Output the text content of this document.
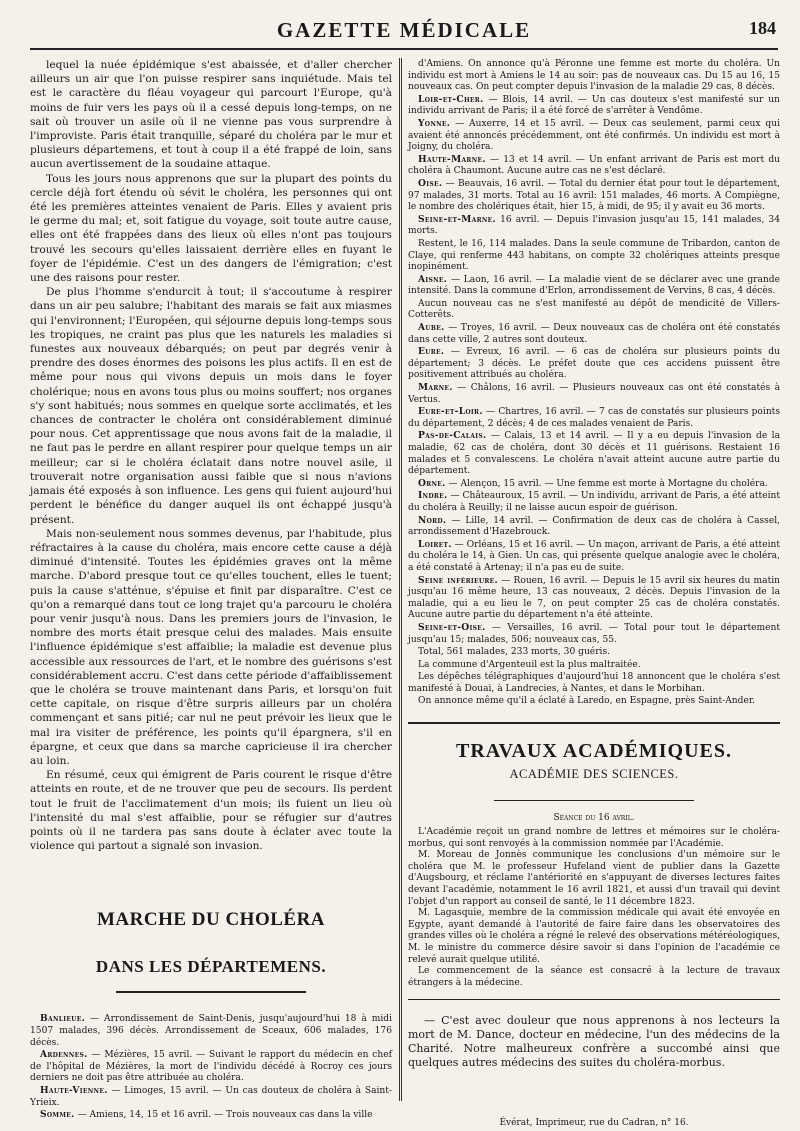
GAZETTE MÉDICALE	184

lequel la nuée épidémique s'est abaissée, et d'aller chercher ailleurs un air que l'on puisse respirer sans inquiétude. Mais tel est le caractère du fléau voyageur qui parcourt l'Europe, qu'à moins de fuir vers les pays où il a cessé depuis long-temps, on ne sait où trouver un asile où il ne vienne pas vous surprendre à l'improviste. Paris était tranquille, séparé du choléra par le mur et plusieurs départemens, et tout à coup il a été frappé de loin, sans aucun avertissement de la soudaine attaque.

Tous les jours nous apprenons que sur la plupart des points du cercle déjà fort étendu où sévit le choléra, les personnes qui ont été les premières atteintes venaient de Paris. Elles y avaient pris le germe du mal; et, soit fatigue du voyage, soit toute autre cause, elles ont été frappées dans des lieux où elles n'ont pas toujours trouvé les secours qu'elles laissaient derrière elles en fuyant le foyer de l'épidémie. C'est un des dangers de l'émigration; c'est une des raisons pour rester.

De plus l'homme s'endurcit à tout; il s'accoutume à respirer dans un air peu salubre; l'habitant des marais se fait aux miasmes qui l'environnent; l'Européen, qui séjourne depuis long-temps sous les tropiques, ne craint pas plus que les naturels les maladies si funestes aux nouveaux débarqués; on peut par degrés venir à prendre des doses énormes des poisons les plus actifs. Il en est de même pour nous qui vivons depuis un mois dans le foyer cholérique; nous en avons tous plus ou moins souffert; nos organes s'y sont habitués; nous sommes en quelque sorte acclimatés, et les chances de contracter le choléra ont considérablement diminué pour nous. Cet apprentissage que nous avons fait de la maladie, il ne faut pas le perdre en allant respirer pour quelque temps un air meilleur; car si le choléra éclatait dans notre nouvel asile, il trouverait notre organisation aussi faible que si nous n'avions jamais été exposés à son influence. Les gens qui fuient aujourd'hui perdent le bénéfice du danger auquel ils ont échappé jusqu'à présent.

Mais non-seulement nous sommes devenus, par l'habitude, plus réfractaires à la cause du choléra, mais encore cette cause a déjà diminué d'intensité. Toutes les épidémies graves ont la même marche. D'abord presque tout ce qu'elles touchent, elles le tuent; puis la cause s'atténue, s'épuise et finit par disparaître. C'est ce qu'on a remarqué dans tout ce long trajet qu'a parcouru le choléra pour venir jusqu'à nous. Dans les premiers jours de l'invasion, le nombre des morts était presque celui des malades. Mais ensuite l'influence épidémique s'est affaiblie; la maladie est devenue plus accessible aux ressources de l'art, et le nombre des guérisons s'est considérablement accru. C'est dans cette période d'affaiblissement que le choléra se trouve maintenant dans Paris, et lorsqu'on fuit cette capitale, on risque d'être surpris ailleurs par un choléra commençant et sans pitié; car nul ne peut prévoir les lieux que le mal ira visiter de préférence, les points qu'il épargnera, s'il en épargne, et ceux que dans sa marche capricieuse il ira chercher au loin.

En résumé, ceux qui émigrent de Paris courent le risque d'être atteints en route, et de ne trouver que peu de secours. Ils perdent tout le fruit de l'acclimatement d'un mois; ils fuient un lieu où l'intensité du mal s'est affaiblie, pour se réfugier sur d'autres points où il ne tardera pas sans doute à éclater avec toute la violence qui partout a signalé son invasion.

MARCHE DU CHOLÉRA
DANS LES DÉPARTEMENS.

Banlieue. — Arrondissement de Saint-Denis, jusqu'aujourd'hui 18 à midi 1507 malades, 396 décès. Arrondissement de Sceaux, 606 malades, 176 décès.

Ardennes. — Mézières, 15 avril. — Suivant le rapport du médecin en chef de l'hôpital de Mézières, la mort de l'individu décédé à Rocroy ces jours derniers ne doit pas être attribuée au choléra.

Haute-Vienne. — Limoges, 15 avril. — Un cas douteux de choléra à Saint-Yrieix.

Somme. — Amiens, 14, 15 et 16 avril. — Trois nouveaux cas dans la ville

d'Amiens. On annonce qu'à Péronne une femme est morte du choléra. Un individu est mort à Amiens le 14 au soir: pas de nouveaux cas. Du 15 au 16, 15 nouveaux cas. On peut compter depuis l'invasion de la maladie 29 cas, 8 décès.

Loir-et-Cher. — Blois, 14 avril. — Un cas douteux s'est manifesté sur un individu arrivant de Paris; il a été forcé de s'arrêter à Vendôme.

Yonne. — Auxerre, 14 et 15 avril. — Deux cas seulement, parmi ceux qui avaient été annoncés précédemment, ont été confirmés. Un individu est mort à Joigny, du choléra.

Haute-Marne. — 13 et 14 avril. — Un enfant arrivant de Paris est mort du choléra à Chaumont. Aucune autre cas ne s'est déclaré.

Oise. — Beauvais, 16 avril. — Total du dernier état pour tout le département, 97 malades, 31 morts. Total au 16 avril: 151 malades, 46 morts. A Compiègne, le nombre des cholériques était, hier 15, à midi, de 95; il y avait eu 36 morts.

Seine-et-Marne. 16 avril. — Depuis l'invasion jusqu'au 15, 141 malades, 34 morts.

Restent, le 16, 114 malades. Dans la seule commune de Tribardon, canton de Claye, qui renferme 443 habitans, on compte 32 cholériques atteints presque inopinément.

Aisne. — Laon, 16 avril. — La maladie vient de se déclarer avec une grande intensité. Dans la commune d'Erlon, arrondissement de Vervins, 8 cas, 4 décès.

Aucun nouveau cas ne s'est manifesté au dépôt de mendicité de Villers-Cotterêts.

Aube. — Troyes, 16 avril. — Deux nouveaux cas de choléra ont été constatés dans cette ville, 2 autres sont douteux.

Eure. — Evreux, 16 avril. — 6 cas de choléra sur plusieurs points du département; 3 décès. Le préfet doute que ces accidens puissent être positivement attribués au choléra.

Marne. — Châlons, 16 avril. — Plusieurs nouveaux cas ont été constatés à Vertus.

Eure-et-Loir. — Chartres, 16 avril. — 7 cas de constatés sur plusieurs points du département, 2 décès; 4 de ces malades venaient de Paris.

Pas-de-Calais. — Calais, 13 et 14 avril. — Il y a eu depuis l'invasion de la maladie, 62 cas de choléra, dont 30 décès et 11 guérisons. Restaient 16 malades et 5 convalescens. Le choléra n'avait atteint aucune autre partie du département.

Orne. — Alençon, 15 avril. — Une femme est morte à Mortagne du choléra.

Indre. — Châteauroux, 15 avril. — Un individu, arrivant de Paris, a été atteint du choléra à Reuilly; il ne laisse aucun espoir de guérison.

Nord. — Lille, 14 avril. — Confirmation de deux cas de choléra à Cassel, arrondissement d'Hazebrouck.

Loiret. — Orléans, 15 et 16 avril. — Un maçon, arrivant de Paris, a été atteint du choléra le 14, à Gien. Un cas, qui présente quelque analogie avec le choléra, a été constaté à Artenay; il n'a pas eu de suite.

Seine inférieure. — Rouen, 16 avril. — Depuis le 15 avril six heures du matin jusqu'au 16 même heure, 13 cas nouveaux, 2 décès. Depuis l'invasion de la maladie, qui a eu lieu le 7, on peut compter 25 cas de choléra constatés. Aucune autre partie du département n'a été atteinte.

Seine-et-Oise. — Versailles, 16 avril. — Total pour tout le département jusqu'au 15; malades, 506; nouveaux cas, 55.

Total, 561 malades, 233 morts, 30 guéris.

La commune d'Argenteuil est la plus maltraitée.

Les dépêches télégraphiques d'aujourd'hui 18 annoncent que le choléra s'est manifesté à Douai, à Landrecies, à Nantes, et dans le Morbihan.

On annonce même qu'il a éclaté à Laredo, en Espagne, près Saint-Ander.

TRAVAUX ACADÉMIQUES.
ACADÉMIE DES SCIENCES.
Séance du 16 avril.

L'Académie reçoit un grand nombre de lettres et mémoires sur le choléra-morbus, qui sont renvoyés à la commission nommée par l'Académie.

M. Moreau de Jonnès communique les conclusions d'un mémoire sur le choléra que M. le professeur Hufeland vient de publier dans la Gazette d'Augsbourg, et réclame l'antériorité en s'appuyant de diverses lectures faites devant l'académie, notamment le 16 avril 1821, et aussi d'un travail qui devint l'objet d'un rapport au conseil de santé, le 11 décembre 1823.

M. Lagasquie, membre de la commission médicale qui avait été envoyée en Egypte, ayant demandé à l'autorité de faire faire dans les observatoires des grandes villes où le choléra a régné le relevé des observations météréologiques, M. le ministre du commerce désire savoir si dans l'opinion de l'académie ce relevé aurait quelque utilité.

Le commencement de la séance est consacré à la lecture de travaux étrangers à la médecine.

— C'est avec douleur que nous apprenons à nos lecteurs la mort de M. Dance, docteur en médecine, l'un des médecins de la Charité. Notre malheureux confrère a succombé ainsi que quelques autres médecins des suites du choléra-morbus.

Évérat, Imprimeur, rue du Cadran, n° 16.
